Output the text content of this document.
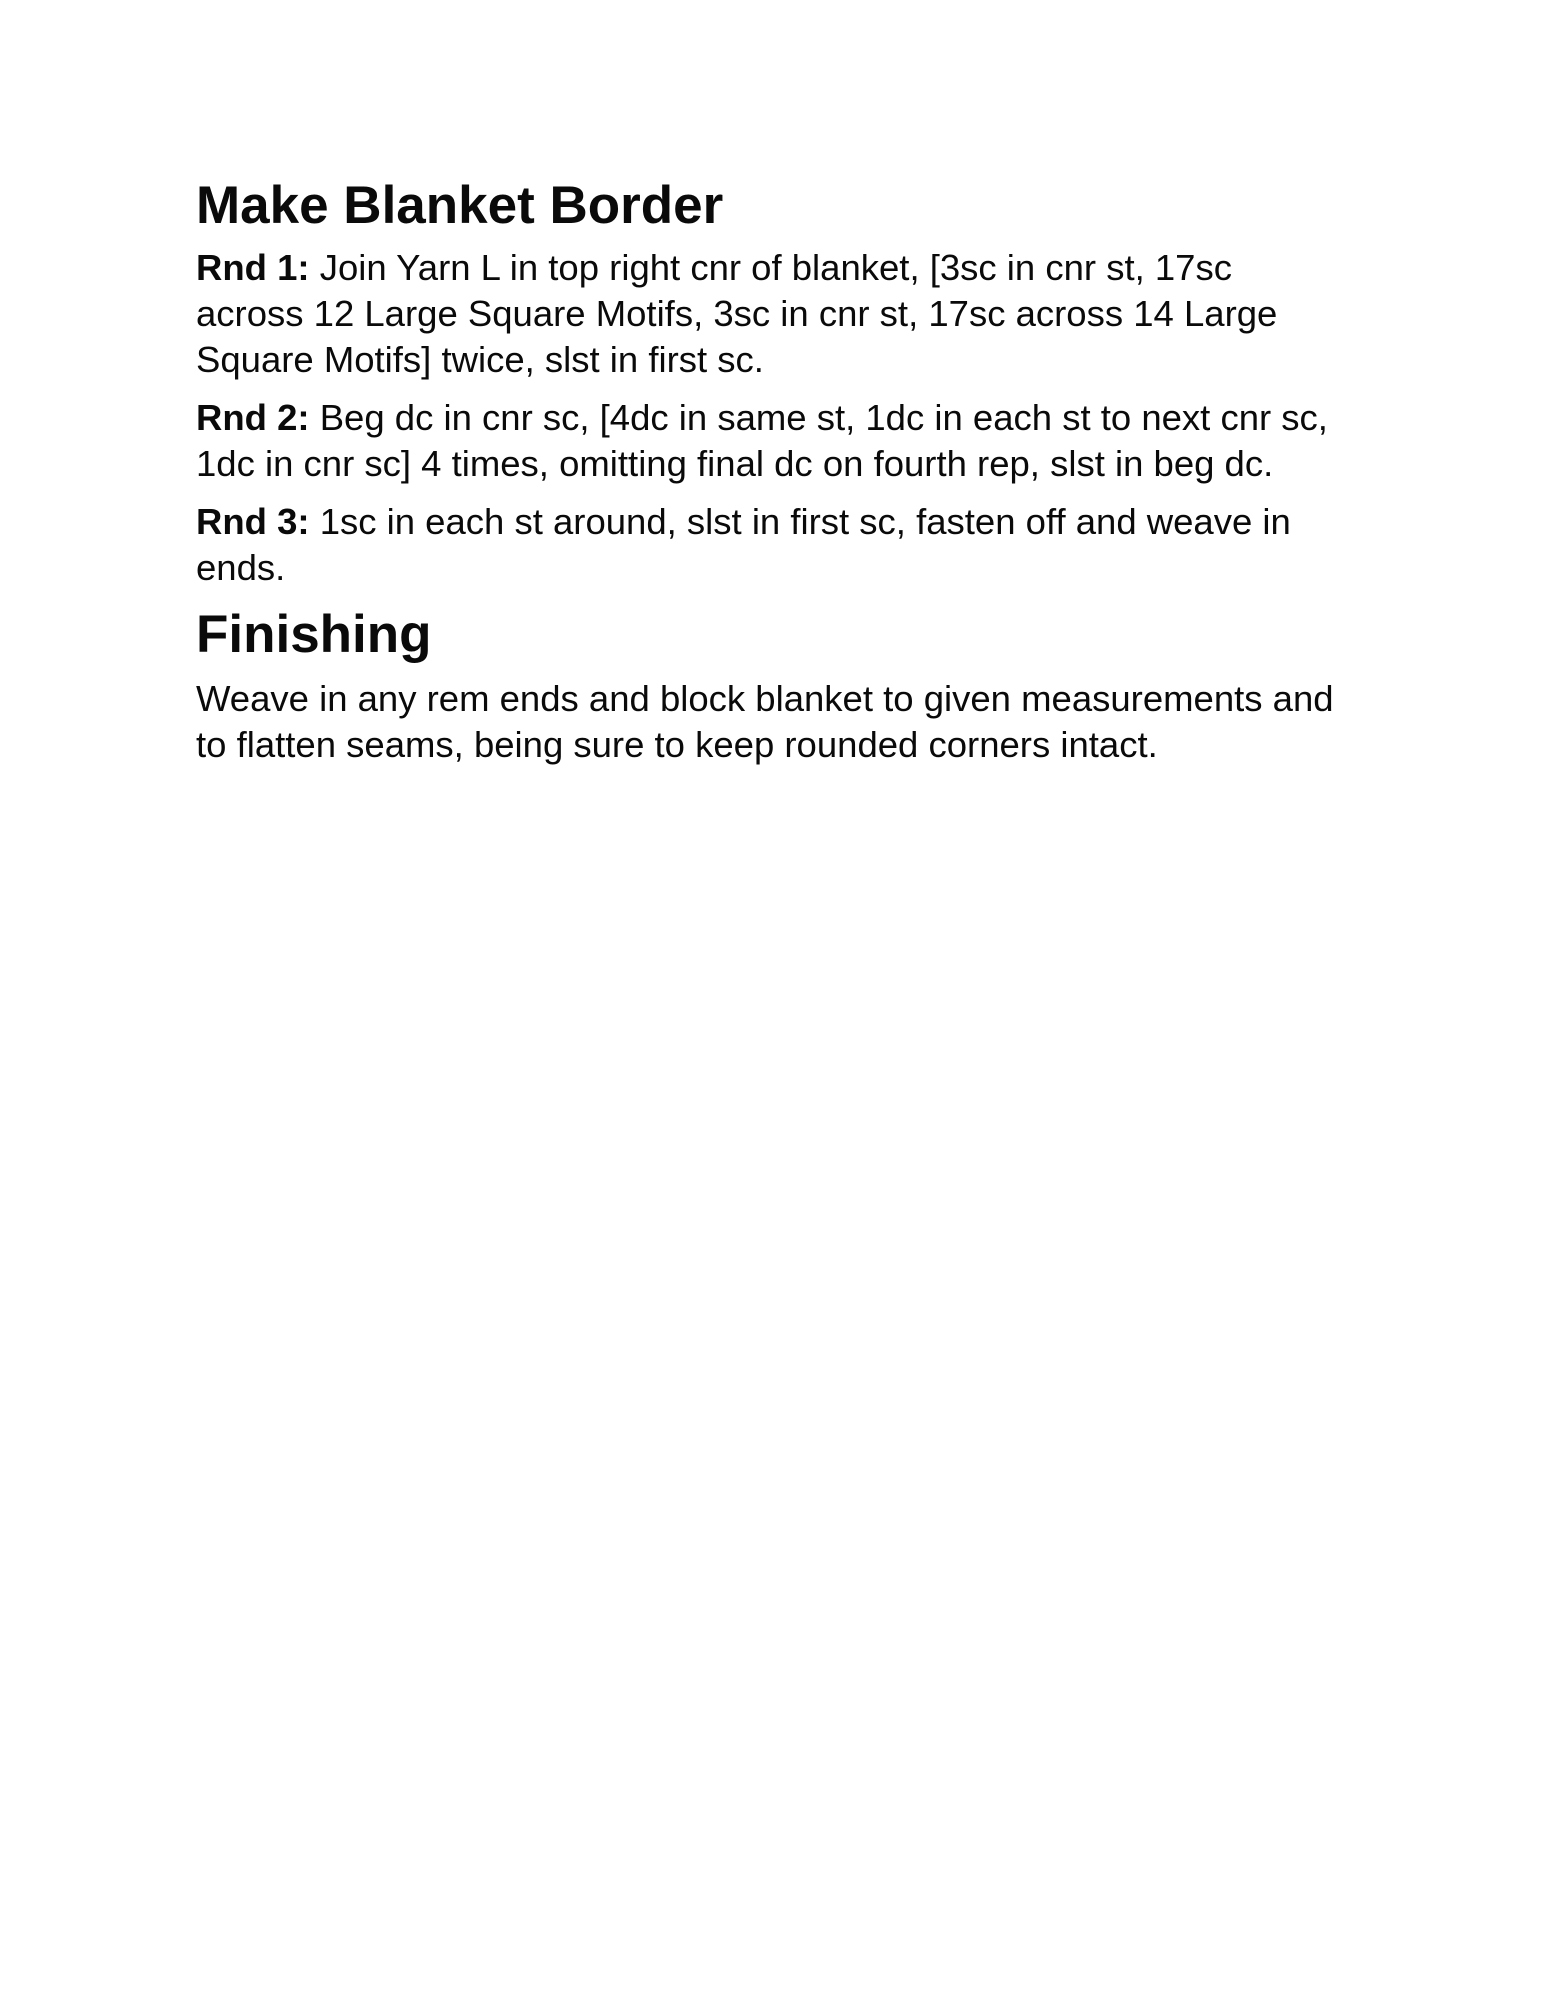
Make Blanket Border

Rnd 1: Join Yarn L in top right cnr of blanket, [3sc in cnr st, 17sc across 12 Large Square Motifs, 3sc in cnr st, 17sc across 14 Large Square Motifs] twice, slst in first sc.

Rnd 2: Beg dc in cnr sc, [4dc in same st, 1dc in each st to next cnr sc, 1dc in cnr sc] 4 times, omitting final dc on fourth rep, slst in beg dc.

Rnd 3: 1sc in each st around, slst in first sc, fasten off and weave in ends.

Finishing

Weave in any rem ends and block blanket to given measurements and to flatten seams, being sure to keep rounded corners intact.
